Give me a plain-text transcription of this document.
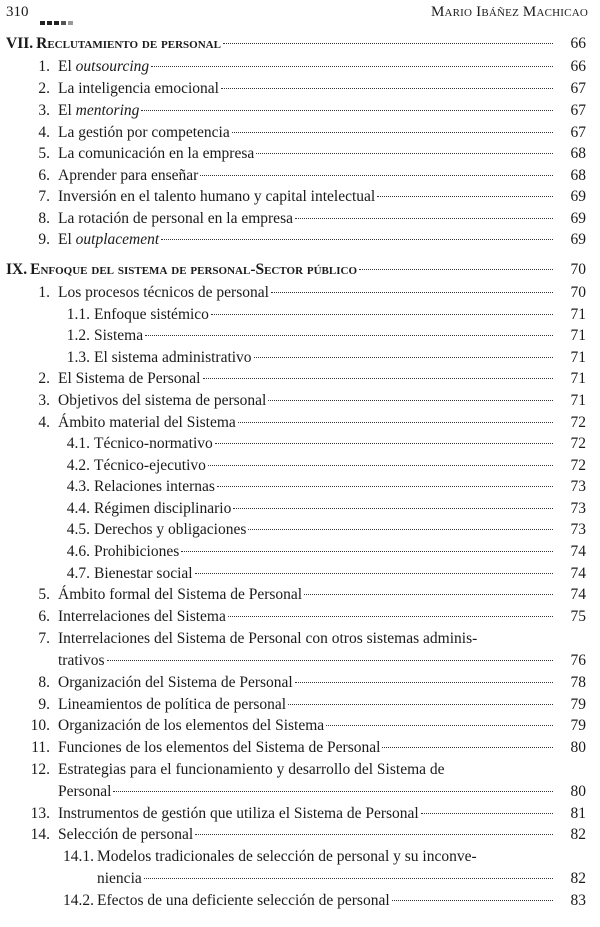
310	Mario Ibáñez Machicao
VII. Reclutamiento de personal	66
1. El outsourcing	66
2. La inteligencia emocional	67
3. El mentoring	67
4. La gestión por competencia	67
5. La comunicación en la empresa	68
6. Aprender para enseñar	68
7. Inversión en el talento humano y capital intelectual	69
8. La rotación de personal en la empresa	69
9. El outplacement	69
IX. Enfoque del sistema de personal-Sector público	70
1. Los procesos técnicos de personal	70
1.1. Enfoque sistémico	71
1.2. Sistema	71
1.3. El sistema administrativo	71
2. El Sistema de Personal	71
3. Objetivos del sistema de personal	71
4. Ámbito material del Sistema	72
4.1. Técnico-normativo	72
4.2. Técnico-ejecutivo	72
4.3. Relaciones internas	73
4.4. Régimen disciplinario	73
4.5. Derechos y obligaciones	73
4.6. Prohibiciones	74
4.7. Bienestar social	74
5. Ámbito formal del Sistema de Personal	74
6. Interrelaciones del Sistema	75
7. Interrelaciones del Sistema de Personal con otros sistemas adminis-
trativos	76
8. Organización del Sistema de Personal	78
9. Lineamientos de política de personal	79
10. Organización de los elementos del Sistema	79
11. Funciones de los elementos del Sistema de Personal	80
12. Estrategias para el funcionamiento y desarrollo del Sistema de
Personal	80
13. Instrumentos de gestión que utiliza el Sistema de Personal	81
14. Selección de personal	82
14.1. Modelos tradicionales de selección de personal y su inconve-
niencia	82
14.2. Efectos de una deficiente selección de personal	83
